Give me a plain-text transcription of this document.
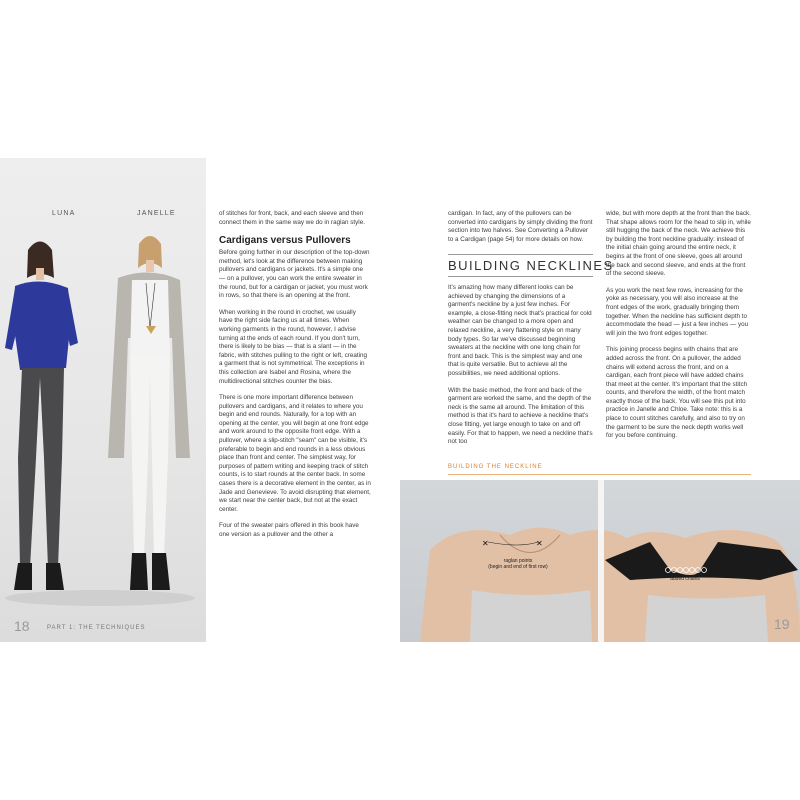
LUNA	JANELLE
18	PART 1: THE TECHNIQUES

of stitches for front, back, and each sleeve and then connect them in the same way we do in raglan style.

Cardigans versus Pullovers

Before going further in our description of the top-down method, let's look at the difference between making pullovers and cardigans or jackets. It's a simple one — on a pullover, you can work the entire sweater in the round, but for a cardigan or jacket, you must work in rows, so that there is an opening at the front.

When working in the round in crochet, we usually have the right side facing us at all times. When working garments in the round, however, I advise turning at the ends of each round. If you don't turn, there is likely to be bias — that is a slant — in the fabric, with stitches pulling to the right or left, creating a garment that is not symmetrical. The exceptions in this collection are Isabel and Rosina, where the multidirectional stitches counter the bias.

There is one more important difference between pullovers and cardigans, and it relates to where you begin and end rounds. Naturally, for a top with an opening at the center, you will begin at one front edge and work around to the opposite front edge. With a pullover, where a slip-stitch "seam" can be visible, it's preferable to begin and end rounds in a less obvious place than front and center. The simplest way, for purposes of pattern writing and keeping track of stitch counts, is to start rounds at the center back. In some cases there is a decorative element in the center, as in Jade and Genevieve. To avoid disrupting that element, we start near the center back, but not at the exact center.

Four of the sweater pairs offered in this book have one version as a pullover and the other a

cardigan. In fact, any of the pullovers can be converted into cardigans by simply dividing the front section into two halves. See Converting a Pullover to a Cardigan (page 54) for more details on how.

BUILDING NECKLINES

It's amazing how many different looks can be achieved by changing the dimensions of a garment's neckline by a just few inches. For example, a close-fitting neck that's practical for cold weather can be changed to a more open and relaxed neckline, a very flattering style on many body types. So far we've discussed beginning sweaters at the neckline with one long chain for front and back. This is the simplest way and one that is quite versatile. But to achieve all the possibilities, we need additional options.

With the basic method, the front and back of the garment are worked the same, and the depth of the neck is the same all around. The limitation of this method is that it's hard to achieve a neckline that's close fitting, yet large enough to take on and off easily. For that to happen, we need a neckline that's not too

wide, but with more depth at the front than the back. That shape allows room for the head to slip in, while still hugging the back of the neck. We achieve this by building the front neckline gradually: instead of the initial chain going around the entire neck, it begins at the front of one sleeve, goes all around the back and second sleeve, and ends at the front of the second sleeve.

As you work the next few rows, increasing for the yoke as necessary, you will also increase at the front edges of the work, gradually bringing them together. When the neckline has sufficient depth to accommodate the head — just a few inches — you will join the two front edges together.

This joining process begins with chains that are added across the front. On a pullover, the added chains will extend across the front, and on a cardigan, each front piece will have added chains that meet at the center. It's important that the stitch counts, and therefore the width, of the front match exactly those of the back. You will see this put into practice in Janelle and Chloe. Take note: this is a place to count stitches carefully, and also to try on the garment to be sure the neck depth works well for you before continuing.

BUILDING THE NECKLINE
✕	✕
raglan points
(begin and end of first row)
added chains
19
